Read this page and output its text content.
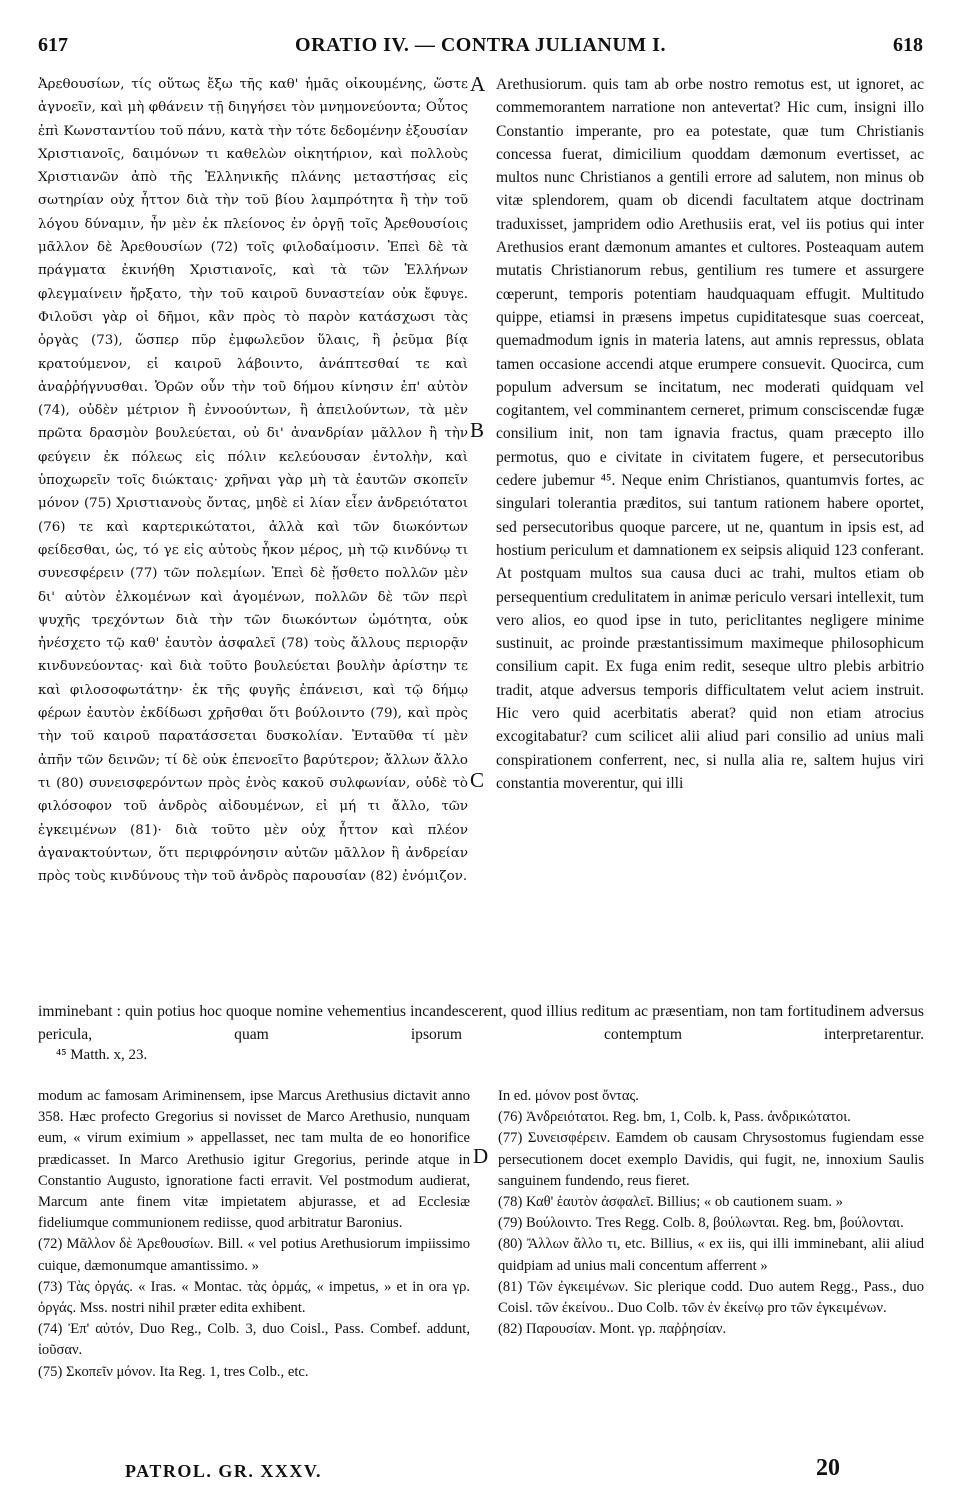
617	ORATIO IV. — CONTRA JULIANUM I.	618

Ἀρεθουσίων, τίς οὕτως ἔξω τῆς καθ' ἡμᾶς οἰκουμένης, ὥστε ἀγνοεῖν, καὶ μὴ φθάνειν τῇ διηγήσει τὸν μνημονεύοντα; Οὗτος ἐπὶ Κωνσταντίου τοῦ πάνυ, κατὰ τὴν τότε δεδομένην ἐξουσίαν Χριστιανοῖς, δαιμόνων τι καθελὼν οἰκητήριον, καὶ πολλοὺς Χριστιανῶν ἀπὸ τῆς Ἑλληνικῆς πλάνης μεταστήσας εἰς σωτηρίαν οὐχ ἧττον διὰ τὴν τοῦ βίου λαμπρότητα ἢ τὴν τοῦ λόγου δύναμιν, ἦν μὲν ἐκ πλείονος ἐν ὀργῇ τοῖς Ἀρεθουσίοις μᾶλλον δὲ Ἀρεθουσίων (72) τοῖς φιλοδαίμοσιν. Ἐπεὶ δὲ τὰ πράγματα ἐκινήθη Χριστιανοῖς, καὶ τὰ τῶν Ἑλλήνων φλεγμαίνειν ἤρξατο, τὴν τοῦ καιροῦ δυναστείαν οὐκ ἔφυγε. Φιλοῦσι γὰρ οἱ δῆμοι, κἂν πρὸς τὸ παρὸν κατάσχωσι τὰς ὀργὰς (73), ὥσπερ πῦρ ἐμφωλεῦον ὕλαις, ἢ ῥεῦμα βίᾳ κρατούμενον, εἰ καιροῦ λάβοιντο, ἀνάπτεσθαί τε καὶ ἀναῤῥήγνυσθαι. Ὁρῶν οὖν τὴν τοῦ δήμου κίνησιν ἐπ' αὐτὸν (74), οὐδὲν μέτριον ἢ ἐννοούντων, ἢ ἀπειλούντων, τὰ μὲν πρῶτα δρασμὸν βουλεύεται, οὐ δι' ἀνανδρίαν μᾶλλον ἢ τὴν φεύγειν ἐκ πόλεως εἰς πόλιν κελεύουσαν ἐντολὴν, καὶ ὑποχωρεῖν τοῖς διώκταις· χρῆναι γὰρ μὴ τὰ ἑαυτῶν σκοπεῖν μόνον (75) Χριστιανοὺς ὄντας, μηδὲ εἰ λίαν εἶεν ἀνδρειότατοι (76) τε καὶ καρτερικώτατοι, ἀλλὰ καὶ τῶν διωκόντων φείδεσθαι, ὡς, τό γε εἰς αὐτοὺς ἧκον μέρος, μὴ τῷ κινδύνῳ τι συνεσφέρειν (77) τῶν πολεμίων. Ἐπεὶ δὲ ᾔσθετο πολλῶν μὲν δι' αὐτὸν ἑλκομένων καὶ ἀγομένων, πολλῶν δὲ τῶν περὶ ψυχῆς τρεχόντων διὰ τὴν τῶν διωκόντων ὠμότητα, οὐκ ἠνέσχετο τῷ καθ' ἑαυτὸν ἀσφαλεῖ (78) τοὺς ἄλλους περιορᾷν κινδυνεύοντας· καὶ διὰ τοῦτο βουλεύεται βουλὴν ἀρίστην τε καὶ φιλοσοφωτάτην· ἐκ τῆς φυγῆς ἐπάνεισι, καὶ τῷ δήμῳ φέρων ἑαυτὸν ἐκδίδωσι χρῆσθαι ὅτι βούλοιντο (79), καὶ πρὸς τὴν τοῦ καιροῦ παρατάσσεται δυσκολίαν. Ἐνταῦθα τί μὲν ἀπῆν τῶν δεινῶν; τί δὲ οὐκ ἐπενοεῖτο βαρύτερον; ἄλλων ἄλλο τι (80) συνεισφερόντων πρὸς ἑνὸς κακοῦ συλφωνίαν, οὐδὲ τὸ φιλόσοφον τοῦ ἀνδρὸς αἰδουμένων, εἰ μή τι ἄλλο, τῶν ἐγκειμένων (81)· διὰ τοῦτο μὲν οὐχ ἧττον καὶ πλέον ἀγανακτούντων, ὅτι περιφρόνησιν αὐτῶν μᾶλλον ἢ ἀνδρείαν πρὸς τοὺς κινδύνους τὴν τοῦ ἀνδρὸς παρουσίαν (82) ἐνόμιζον.

Arethusiorum. quis tam ab orbe nostro remotus est, ut ignoret, ac commemorantem narratione non antevertat? Hic cum, insigni illo Constantio imperante, pro ea potestate, quæ tum Christianis concessa fuerat, dimicilium quoddam dæmonum evertisset, ac multos nunc Christianos a gentili errore ad salutem, non minus ob vitæ splendorem, quam ob dicendi facultatem atque doctrinam traduxisset, jampridem odio Arethusiis erat, vel iis potius qui inter Arethusios erant dæmonum amantes et cultores. Posteaquam autem mutatis Christianorum rebus, gentilium res tumere et assurgere cœperunt, temporis potentiam haudquaquam effugit. Multitudo quippe, etiamsi in præsens impetus cupiditatesque suas coerceat, quemadmodum ignis in materia latens, aut amnis repressus, oblata tamen occasione accendi atque erumpere consuevit. Quocirca, cum populum adversum se incitatum, nec moderati quidquam vel cogitantem, vel comminantem cerneret, primum consciscendæ fugæ consilium init, non tam ignavia fractus, quam præcepto illo permotus, quo e civitate in civitatem fugere, et persecutoribus cedere jubemur ⁴⁵. Neque enim Christianos, quantumvis fortes, ac singulari tolerantia præditos, sui tantum rationem habere oportet, sed persecutoribus quoque parcere, ut ne, quantum in ipsis est, ad hostium periculum et damnationem ex seipsis aliquid 123 conferant. At postquam multos sua causa duci ac trahi, multos etiam ob persequentium credulitatem in animæ periculo versari intellexit, tum vero alios, eo quod ipse in tuto, periclitantes negligere minime sustinuit, ac proinde præstantissimum maximeque philosophicum consilium capit. Ex fuga enim redit, seseque ultro plebis arbitrio tradit, atque adversus temporis difficultatem velut aciem instruit. Hic vero quid acerbitatis aberat? quid non etiam atrocius excogitabatur? cum scilicet alii aliud pari consilio ad unius mali conspirationem conferrent, nec, si nulla alia re, saltem hujus viri constantia moverentur, qui illi

imminebant : quin potius hoc quoque nomine vehementius incandescerent, quod illius reditum ac præsentiam, non tam fortitudinem adversus pericula, quam ipsorum contemptum interpretarentur.
A
B
C
D
⁴⁵ Matth. x, 23.

modum ac famosam Ariminensem, ipse Marcus Arethusius dictavit anno 358. Hæc profecto Gregorius si novisset de Marco Arethusio, nunquam eum, « virum eximium » appellasset, nec tam multa de eo honorifice prædicasset. In Marco Arethusio igitur Gregorius, perinde atque in Constantio Augusto, ignoratione facti erravit. Vel postmodum audierat, Marcum ante finem vitæ impietatem abjurasse, et ad Ecclesiæ fideliumque communionem rediisse, quod arbitratur Baronius.

(72) Μᾶλλον δὲ Ἀρεθουσίων. Bill. « vel potius Arethusiorum impiissimo cuique, dæmonumque amantissimo. »

(73) Τὰς ὀργάς. « Iras. « Montac. τὰς ὁρμάς, « impetus, » et in ora γρ. ὀργάς. Mss. nostri nihil præter edita exhibent.

(74) Ἐπ' αὐτόν, Duo Reg., Colb. 3, duo Coisl., Pass. Combef. addunt, ἰοῦσαν.

(75) Σκοπεῖν μόνον. Ita Reg. 1, tres Colb., etc.

In ed. μόνον post ὄντας.

(76) Ἀνδρειότατοι. Reg. bm, 1, Colb. k, Pass. ἀνδρικώτατοι.

(77) Συνεισφέρειν. Eamdem ob causam Chrysostomus fugiendam esse persecutionem docet exemplo Davidis, qui fugit, ne, innoxium Saulis sanguinem fundendo, reus fieret.

(78) Καθ' ἑαυτὸν ἀσφαλεῖ. Billius; « ob cautionem suam. »

(79) Βούλοιντο. Tres Regg. Colb. 8, βούλωνται. Reg. bm, βούλονται.

(80) Ἄλλων ἄλλο τι, etc. Billius, « ex iis, qui illi imminebant, alii aliud quidpiam ad unius mali concentum afferrent »

(81) Τῶν ἐγκειμένων. Sic plerique codd. Duo autem Regg., Pass., duo Coisl. τῶν ἐκείνου.. Duo Colb. τῶν ἐν ἐκείνῳ pro τῶν ἐγκειμένων.

(82) Παρουσίαν. Mont. γρ. παῤῥησίαν.

PATROL. GR. XXXV.	20
